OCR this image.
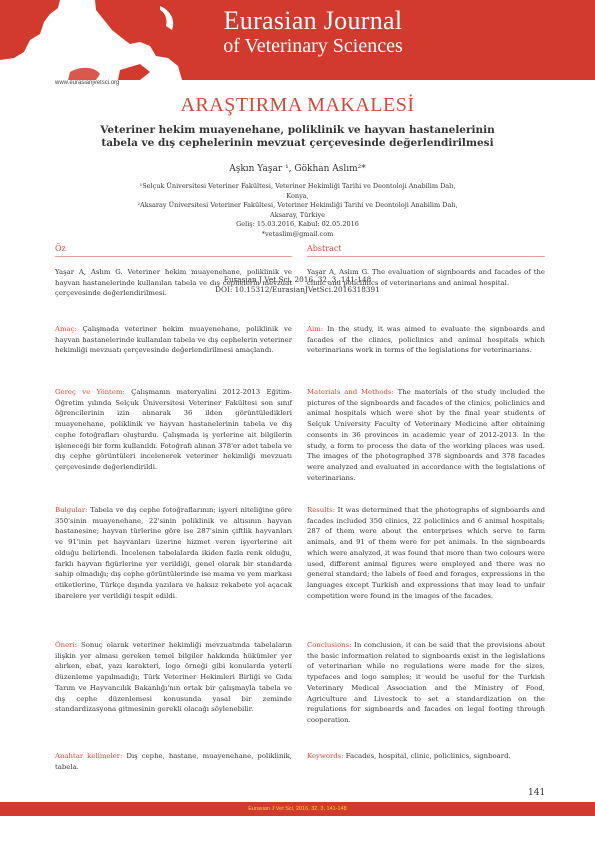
Eurasian Journal
of Veterinary Sciences
www.eurasianjvetsci.org
ARAŞTIRMA MAKALESİ
Veteriner hekim muayenehane, poliklinik ve hayvan hastanelerinin tabela ve dış cephelerinin mevzuat çerçevesinde değerlendirilmesi
Aşkın Yaşar ¹, Gökhan Aslım²*
¹Selçuk Üniversitesi Veteriner Fakültesi, Veteriner Hekimliği Tarihi ve Deontoloji Anabilim Dalı, Konya,
²Aksaray Üniversitesi Veteriner Fakültesi, Veteriner Hekimliği Tarihi ve Deontoloji Anabilim Dalı, Aksaray, Türkiye
Geliş: 15.03.2016, Kabul: 02.05.2016
*vetaslim@gmail.com
Öz	Abstract
Yaşar A, Aslım G. Veteriner hekim muayenehane, poliklinik ve hayvan hastanelerinde kullanılan tabela ve dış cephelerin mevzuat çerçevesinde değerlendirilmesi.
Yaşar A, Aslım G. The evaluation of signboards and facades of the clinic and policlinics of veterinarians and animal hospital.
Eurasian J Vet Sci, 2016, 32, 3, 141-148
DOI: 10.15312/EurasianJVetSci.2016318391
Amaç: Çalışmada veteriner hekim muayenehane, poliklinik ve hayvan hastanelerinde kullanılan tabela ve dış cephelerin veteriner hekimliği mevzuatı çerçevesinde değerlendirilmesi amaçlandı.
Gereç ve Yöntem: Çalışmanın materyalini 2012-2013 Eğitim-Öğretim yılında Selçuk Üniversitesi Veteriner Fakültesi son sınıf öğrencilerinin izin alınarak 36 ilden görüntüledikleri muayenehane, poliklinik ve hayvan hastanelerinin tabela ve dış cephe fotoğrafları oluşturdu. Çalışmada iş yerlerine ait bilgilerin işleneceği bir form kullanıldı. Fotoğrafı alınan 378'er adet tabela ve dış cephe görüntüleri incelenerek veteriner hekimliği mevzuatı çerçevesinde değerlendirildi.
Bulgular: Tabela ve dış cephe fotoğraflarının; işyeri niteliğine göre 350'sinin muayenehane, 22'sinin poliklinik ve altısının hayvan hastanesine; hayvan türlerine göre ise 287'sinin çiftlik hayvanları ve 91'inin pet hayvanları üzerine hizmet veren işyerlerine ait olduğu belirlendi. İncelenen tabelalarda ikiden fazla renk olduğu, farklı hayvan figürlerine yer verildiği, genel olarak bir standarda sahip olmadığı; dış cephe görüntülerinde ise mama ve yem markası etiketlerine, Türkçe dışında yazılara ve haksız rekabete yol açacak ibarelere yer verildiği tespit edildi.
Öneri: Sonuç olarak veteriner hekimliği mevzuatında tabelaların ilişkin yer alması gereken temel bilgiler hakkında hükümler yer alırken, ebat, yazı karakteri, logo örneği gibi konularda yeterli düzenleme yapılmadığı; Türk Veteriner Hekimleri Birliği ve Gıda Tarım ve Hayvancılık Bakanlığı'nın ortak bir çalışmayla tabela ve dış cephe düzenlemesi konusunda yasal bir zeminde standardizasyona gitmesinin gerekli olacağı söylenebilir.
Anahtar kelimeler: Dış cephe, hastane, muayenehane, poliklinik, tabela.
Aim: In the study, it was aimed to evaluate the signboards and facades of the clinics, policlinics and animal hospitals which veterinarians work in terms of the legislations for veterinarians.
Materials and Methods: The materials of the study included the pictures of the signboards and facades of the clinics, policlinics and animal hospitals which were shot by the final year students of Selçuk University Faculty of Veterinary Medicine after obtaining consents in 36 provinces in academic year of 2012-2013. In the study, a form to process the data of the working places was used. The images of the photographed 378 signboards and 378 facades were analyzed and evaluated in accordance with the legislations of veterinarians.
Results: It was determined that the photographs of signboards and facades included 350 clinics, 22 policlinics and 6 animal hospitals; 287 of them were about the enterprises which serve to farm animals, and 91 of them were for pet animals. In the signboards which were analyzed, it was found that more than two colours were used, different animal figures were employed and there was no general standard; the labels of feed and forages, expressions in the languages except Turkish and expressions that may lead to unfair competition were found in the images of the facades.
Conclusions: In conclusion, it can be said that the provisions about the basic information related to signboards exist in the legislations of veterinarian while no regulations were made for the sizes, typefaces and logo samples; it would be useful for the Turkish Veterinary Medical Association and the Ministry of Food, Agriculture and Livestock to set a standardization on the regulations for signboards and facades on legal footing through cooperation.
Keywords: Facades, hospital, clinic, policlinics, signboard.
141
Eurasian J Vet Sci, 2016, 32, 3, 141-148
